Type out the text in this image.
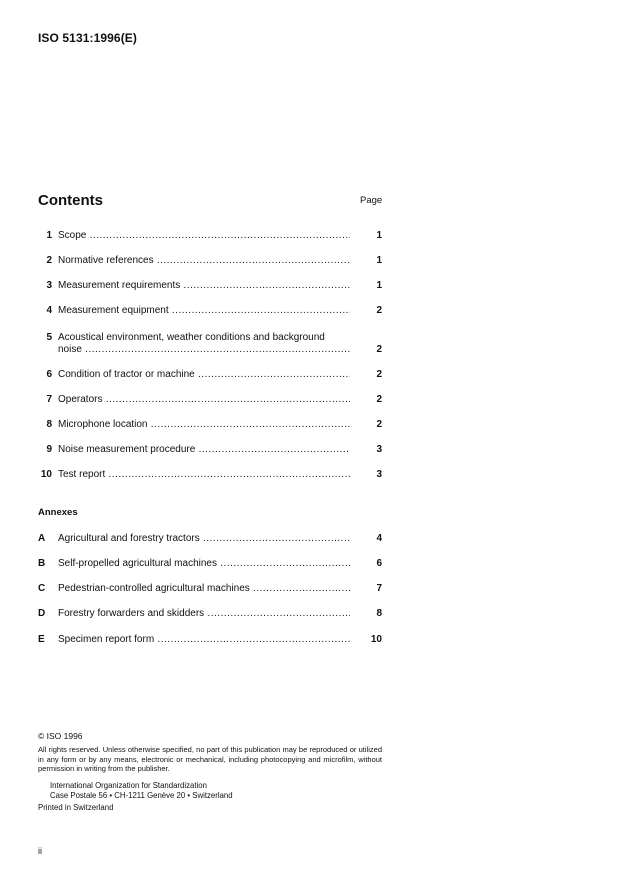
ISO 5131:1996(E)
Contents	Page
1 Scope .....	1
2 Normative references .....	1
3 Measurement requirements .....	1
4 Measurement equipment .....	2
5 Acoustical environment, weather conditions and background
noise .....	2
6 Condition of tractor or machine .....	2
7 Operators .....	2
8 Microphone location .....	2
9 Noise measurement procedure .....	3
10 Test report .....	3
Annexes
A	Agricultural and forestry tractors .....	4
B	Self-propelled agricultural machines .....	6
C	Pedestrian-controlled agricultural machines .....	7
D	Forestry forwarders and skidders .....	8
E	Specimen report form .....	10
© ISO 1996
All rights reserved. Unless otherwise specified, no part of this publication may be reproduced or utilized in any form or by any means, electronic or mechanical, including photocopying and microfilm, without permission in writing from the publisher.
International Organization for Standardization
Case Postale 56 • CH-1211 Genève 20 • Switzerland
Printed in Switzerland
ii
